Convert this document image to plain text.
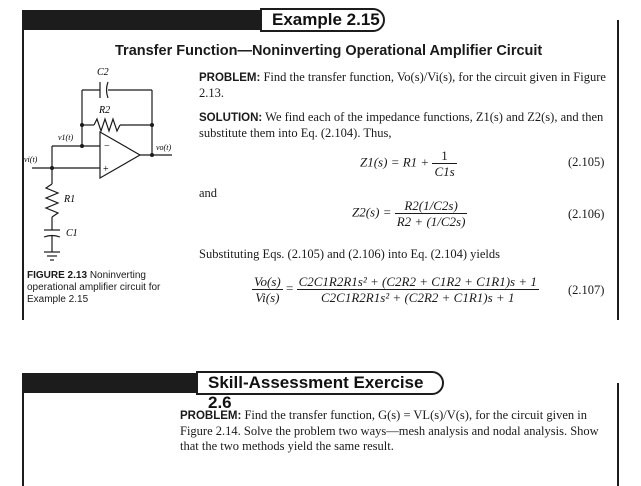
Example 2.15
Transfer Function—Noninverting Operational Amplifier Circuit
PROBLEM: Find the transfer function, Vo(s)/Vi(s), for the circuit given in Figure 2.13.
SOLUTION: We find each of the impedance functions, Z1(s) and Z2(s), and then substitute them into Eq. (2.104). Thus,
$Z1(s) = R1 + \frac{1}{C1s}$	(2.105)
and
$Z2(s) = \frac{R2(1/C2s)}{R2 + (1/C2s)}$	(2.106)
Substituting Eqs. (2.105) and (2.106) into Eq. (2.104) yields
$\frac{Vo(s)}{Vi(s)} = \frac{\text{C2C1R2R1s² + (C2R2 + C1R2 + C1R1)s + 1}}{\text{C2C1R2R1s² + (C2R2 + C1R1)s + 1}} (2.107)$
C2
R2
v1(t)
vi(t)
vo(t)
−
+
R1
C1
FIGURE 2.13 Noninverting operational amplifier circuit for Example 2.15
Skill-Assessment Exercise 2.6
PROBLEM: Find the transfer function, G(s) = VL(s)/V(s), for the circuit given in Figure 2.14. Solve the problem two ways—mesh analysis and nodal analysis. Show that the two methods yield the same result.
